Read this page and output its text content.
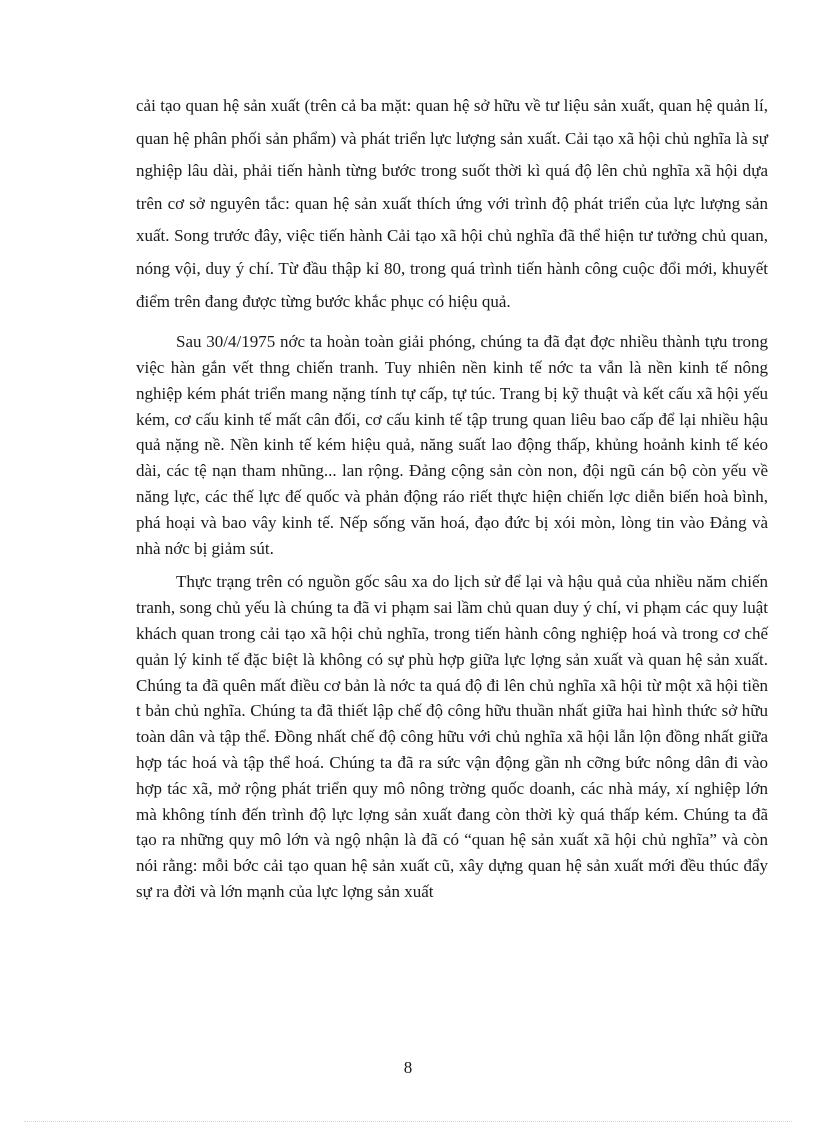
cải tạo quan hệ sản xuất (trên cả ba mặt: quan hệ sở hữu về tư liệu sản xuất, quan hệ quản lí, quan hệ phân phối sản phẩm) và phát triển lực lượng sản xuất. Cải tạo xã hội chủ nghĩa là sự nghiệp lâu dài, phải tiến hành từng bước trong suốt thời kì quá độ lên chủ nghĩa xã hội dựa trên cơ sở nguyên tắc: quan hệ sản xuất thích ứng với trình độ phát triển của lực lượng sản xuất. Song trước đây, việc tiến hành Cải tạo xã hội chủ nghĩa đã thể hiện tư tưởng chủ quan, nóng vội, duy ý chí. Từ đầu thập kỉ 80, trong quá trình tiến hành công cuộc đổi mới, khuyết điểm trên đang được từng bước khắc phục có hiệu quả.

Sau 30/4/1975 nớc ta hoàn toàn giải phóng, chúng ta đã đạt đợc nhiều thành tựu trong việc hàn gắn vết thng chiến tranh. Tuy nhiên nền kinh tế nớc ta vẫn là nền kinh tế nông nghiệp kém phát triển mang nặng tính tự cấp, tự túc. Trang bị kỹ thuật và kết cấu xã hội yếu kém, cơ cấu kinh tế mất cân đối, cơ cấu kinh tế tập trung quan liêu bao cấp để lại nhiều hậu quả nặng nề. Nền kinh tế kém hiệu quả, năng suất lao động thấp, khủng hoảnh kinh tế kéo dài, các tệ nạn tham nhũng... lan rộng. Đảng cộng sản còn non, đội ngũ cán bộ còn yếu về năng lực, các thế lực đế quốc và phản động ráo riết thực hiện chiến lợc diễn biến hoà bình, phá hoại và bao vây kinh tế. Nếp sống văn hoá, đạo đức bị xói mòn, lòng tin vào Đảng và nhà nớc bị giảm sút.

Thực trạng trên có nguồn gốc sâu xa do lịch sử để lại và hậu quả của nhiều năm chiến tranh, song chủ yếu là chúng ta đã vi phạm sai lầm chủ quan duy ý chí, vi phạm các quy luật khách quan trong cải tạo xã hội chủ nghĩa, trong tiến hành công nghiệp hoá và trong cơ chế quản lý kinh tế đặc biệt là không có sự phù hợp giữa lực lợng sản xuất và quan hệ sản xuất. Chúng ta đã quên mất điều cơ bản là nớc ta quá độ đi lên chủ nghĩa xã hội từ một xã hội tiền t bản chủ nghĩa. Chúng ta đã thiết lập chế độ công hữu thuần nhất giữa hai hình thức sở hữu toàn dân và tập thể. Đồng nhất chế độ công hữu với chủ nghĩa xã hội lẫn lộn đồng nhất giữa hợp tác hoá và tập thể hoá. Chúng ta đã ra sức vận động gần nh cỡng bức nông dân đi vào hợp tác xã, mở rộng phát triển quy mô nông trờng quốc doanh, các nhà máy, xí nghiệp lớn mà không tính đến trình độ lực lợng sản xuất đang còn thời kỳ quá thấp kém. Chúng ta đã tạo ra những quy mô lớn và ngộ nhận là đã có “quan hệ sản xuất xã hội chủ nghĩa” và còn nói rằng: mỗi bớc cải tạo quan hệ sản xuất cũ, xây dựng quan hệ sản xuất mới đều thúc đẩy sự ra đời và lớn mạnh của lực lợng sản xuất

8
